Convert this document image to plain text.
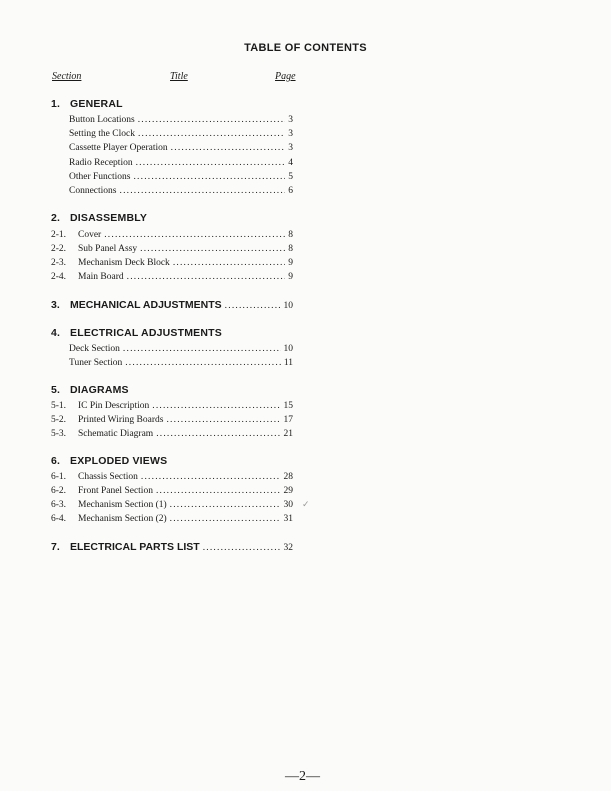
TABLE OF CONTENTS
Section	Title	Page
1. GENERAL
Button Locations .....	3
Setting the Clock .....	3
Cassette Player Operation .....	3
Radio Reception .....	4
Other Functions .....	5
Connections .....	6
2. DISASSEMBLY
2-1.	Cover .....	8
2-2.	Sub Panel Assy .....	8
2-3.	Mechanism Deck Block .....	9
2-4.	Main Board .....	9
3. MECHANICAL ADJUSTMENTS .....	10
4. ELECTRICAL ADJUSTMENTS
Deck Section .....	10
Tuner Section .....	11
5. DIAGRAMS
5-1.	IC Pin Description .....	15
5-2.	Printed Wiring Boards .....	17
5-3.	Schematic Diagram .....	21
6. EXPLODED VIEWS
6-1.	Chassis Section .....	28
6-2.	Front Panel Section .....	29
6-3.	Mechanism Section (1) .....	30
6-4.	Mechanism Section (2) .....	31
✓
7. ELECTRICAL PARTS LIST .....	32
—2—
